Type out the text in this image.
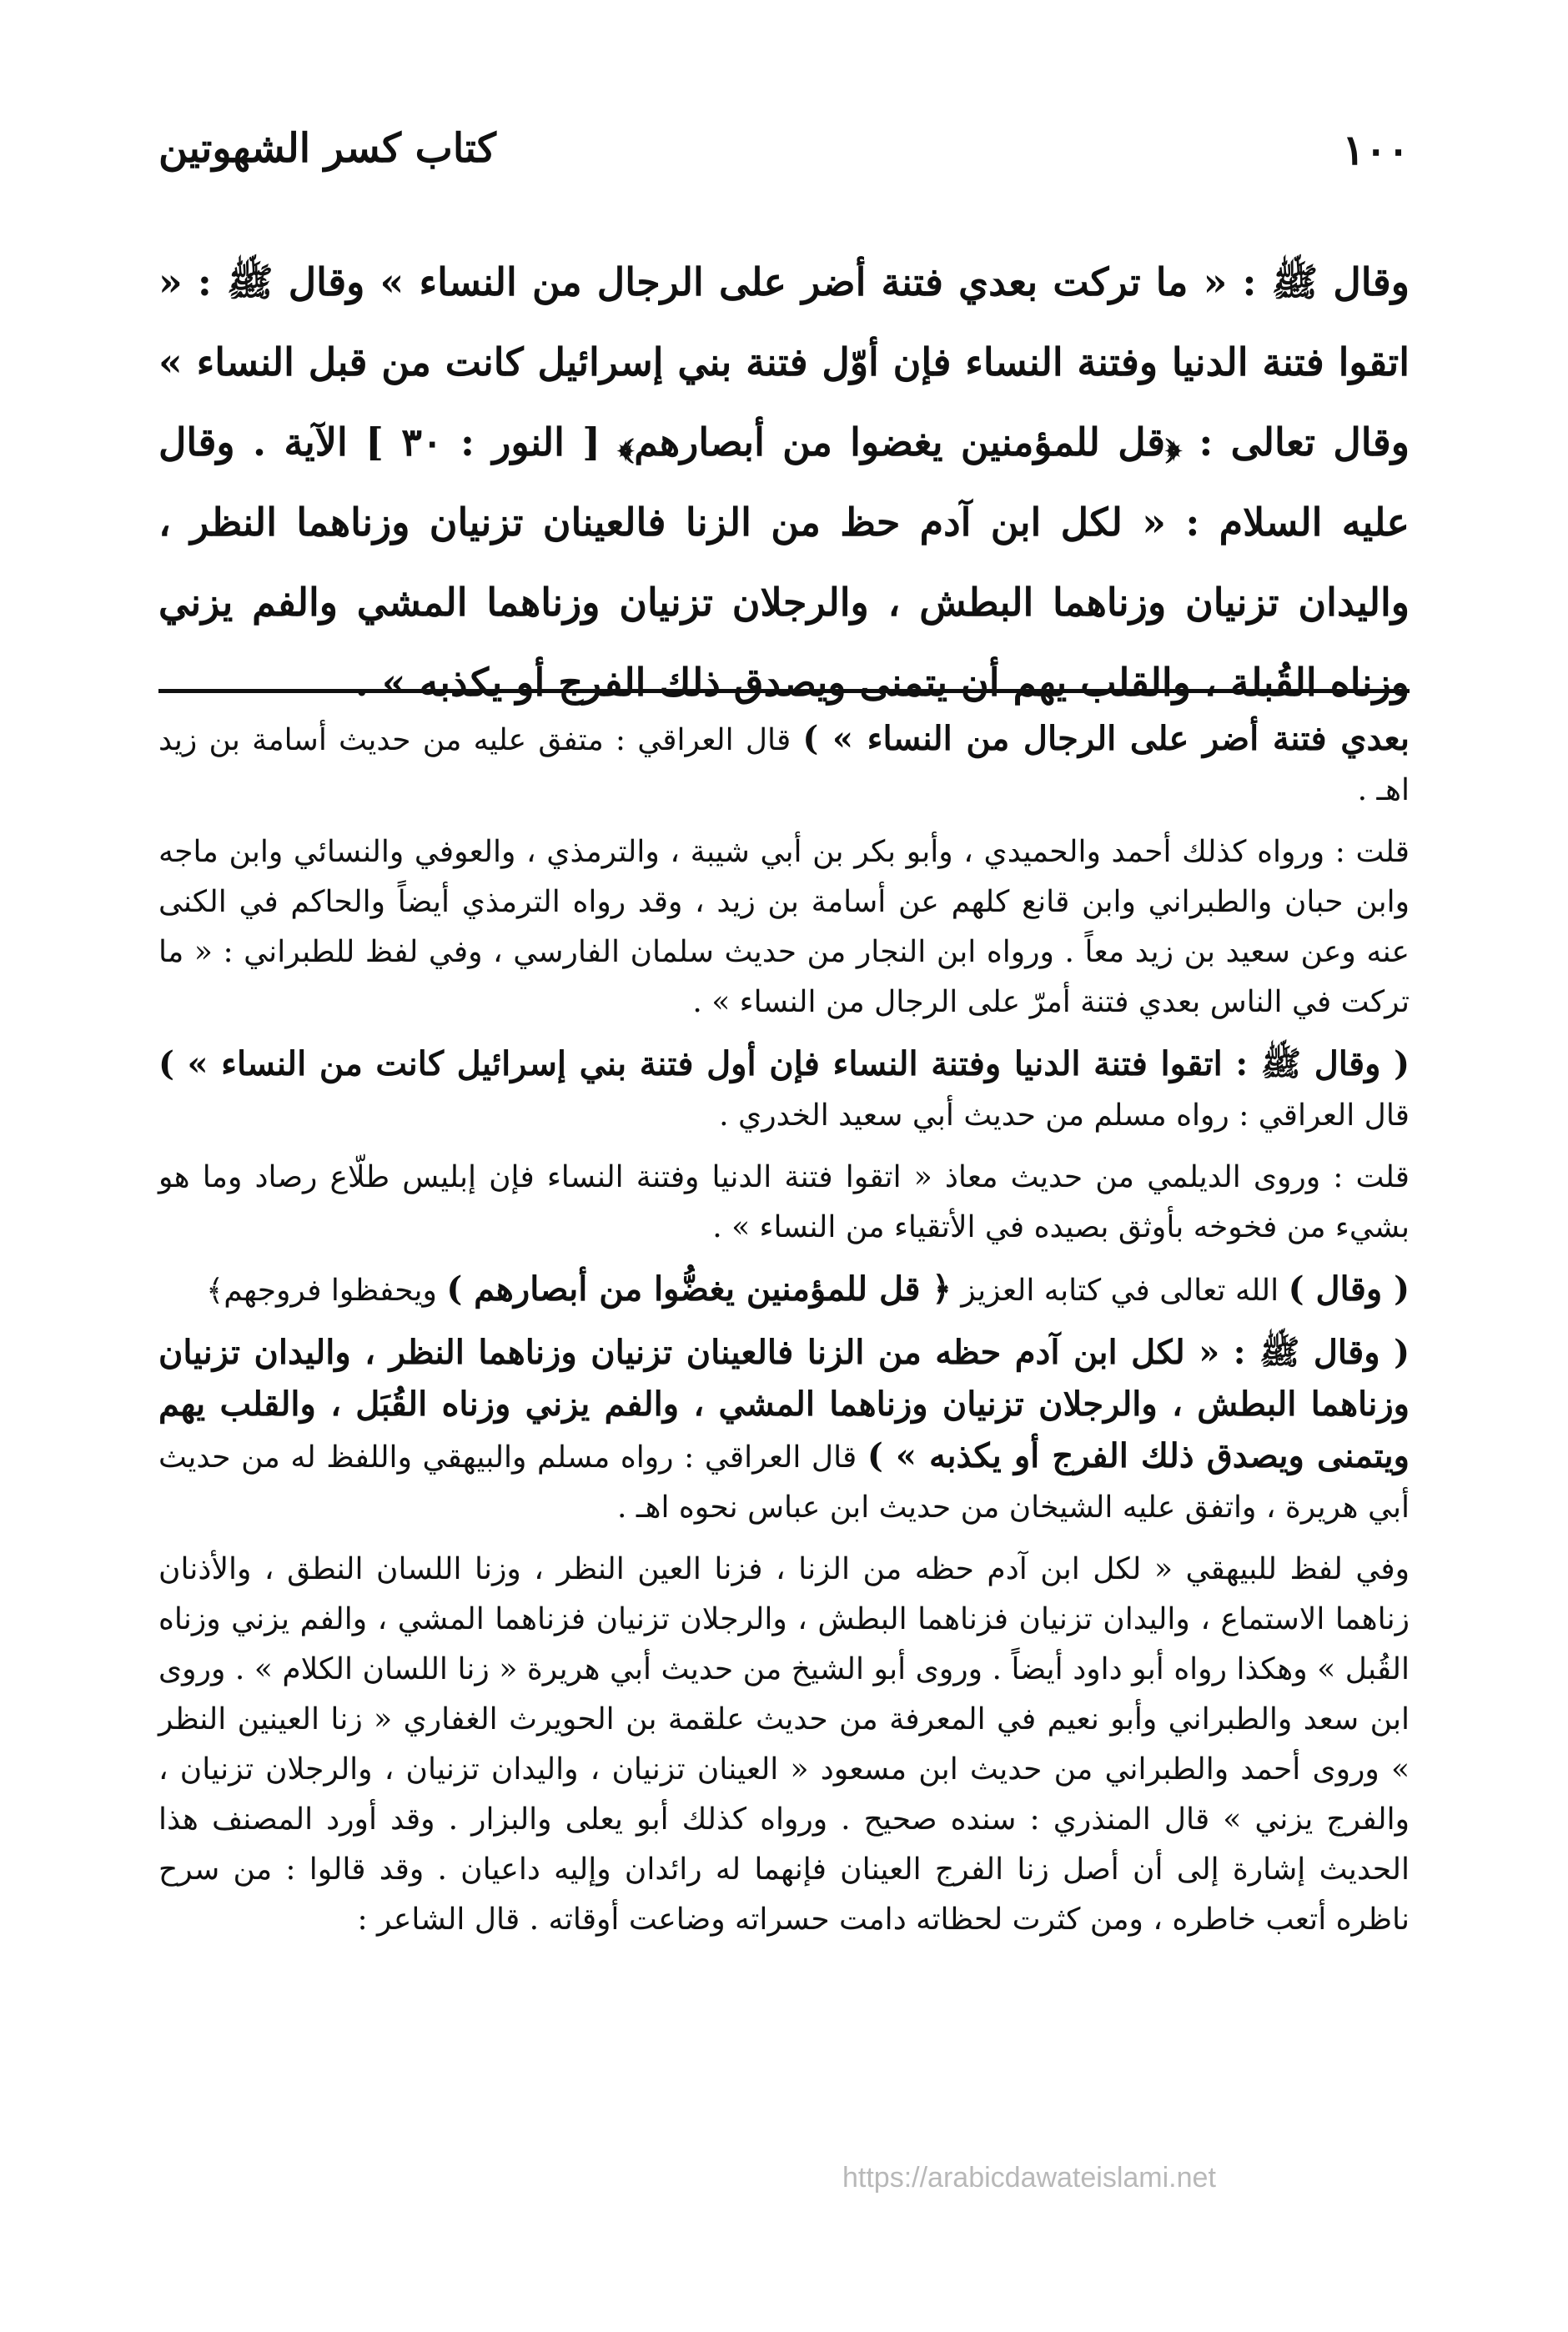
١٠٠
كتاب كسر الشهوتين

وقال ﷺ : « ما تركت بعدي فتنة أضر على الرجال من النساء » وقال ﷺ : « اتقوا فتنة الدنيا وفتنة النساء فإن أوّل فتنة بني إسرائيل كانت من قبل النساء » وقال تعالى : ﴿قل للمؤمنين يغضوا من أبصارهم﴾ [ النور : ٣٠ ] الآية . وقال عليه السلام : « لكل ابن آدم حظ من الزنا فالعينان تزنيان وزناهما النظر ، واليدان تزنيان وزناهما البطش ، والرجلان تزنيان وزناهما المشي والفم يزني وزناه القُبلة ، والقلب يهم أن يتمنى ويصدق ذلك الفرج أو يكذبه » .

بعدي فتنة أضر على الرجال من النساء » ) قال العراقي : متفق عليه من حديث أسامة بن زيد اهـ .

قلت : ورواه كذلك أحمد والحميدي ، وأبو بكر بن أبي شيبة ، والترمذي ، والعوفي والنسائي وابن ماجه وابن حبان والطبراني وابن قانع كلهم عن أسامة بن زيد ، وقد رواه الترمذي أيضاً والحاكم في الكنى عنه وعن سعيد بن زيد معاً . ورواه ابن النجار من حديث سلمان الفارسي ، وفي لفظ للطبراني : « ما تركت في الناس بعدي فتنة أمرّ على الرجال من النساء » .

( وقال ﷺ : اتقوا فتنة الدنيا وفتنة النساء فإن أول فتنة بني إسرائيل كانت من النساء » ) قال العراقي : رواه مسلم من حديث أبي سعيد الخدري .

قلت : وروى الديلمي من حديث معاذ « اتقوا فتنة الدنيا وفتنة النساء فإن إبليس طلّاع رصاد وما هو بشيء من فخوخه بأوثق بصيده في الأتقياء من النساء » .

( وقال ) الله تعالى في كتابه العزيز ﴿ قل للمؤمنين يغضُّوا من أبصارهم ) ويحفظوا فروجهم﴾

( وقال ﷺ : « لكل ابن آدم حظه من الزنا فالعينان تزنيان وزناهما النظر ، واليدان تزنيان وزناهما البطش ، والرجلان تزنيان وزناهما المشي ، والفم يزني وزناه القُبَل ، والقلب يهم ويتمنى ويصدق ذلك الفرج أو يكذبه » ) قال العراقي : رواه مسلم والبيهقي واللفظ له من حديث أبي هريرة ، واتفق عليه الشيخان من حديث ابن عباس نحوه اهـ .

وفي لفظ للبيهقي « لكل ابن آدم حظه من الزنا ، فزنا العين النظر ، وزنا اللسان النطق ، والأذنان زناهما الاستماع ، واليدان تزنيان فزناهما البطش ، والرجلان تزنيان فزناهما المشي ، والفم يزني وزناه القُبل » وهكذا رواه أبو داود أيضاً . وروى أبو الشيخ من حديث أبي هريرة « زنا اللسان الكلام » . وروى ابن سعد والطبراني وأبو نعيم في المعرفة من حديث علقمة بن الحويرث الغفاري « زنا العينين النظر » وروى أحمد والطبراني من حديث ابن مسعود « العينان تزنيان ، واليدان تزنيان ، والرجلان تزنيان ، والفرج يزني » قال المنذري : سنده صحيح . ورواه كذلك أبو يعلى والبزار . وقد أورد المصنف هذا الحديث إشارة إلى أن أصل زنا الفرج العينان فإنهما له رائدان وإليه داعيان . وقد قالوا : من سرح ناظره أتعب خاطره ، ومن كثرت لحظاته دامت حسراته وضاعت أوقاته . قال الشاعر :

https://arabicdawateislami.net
